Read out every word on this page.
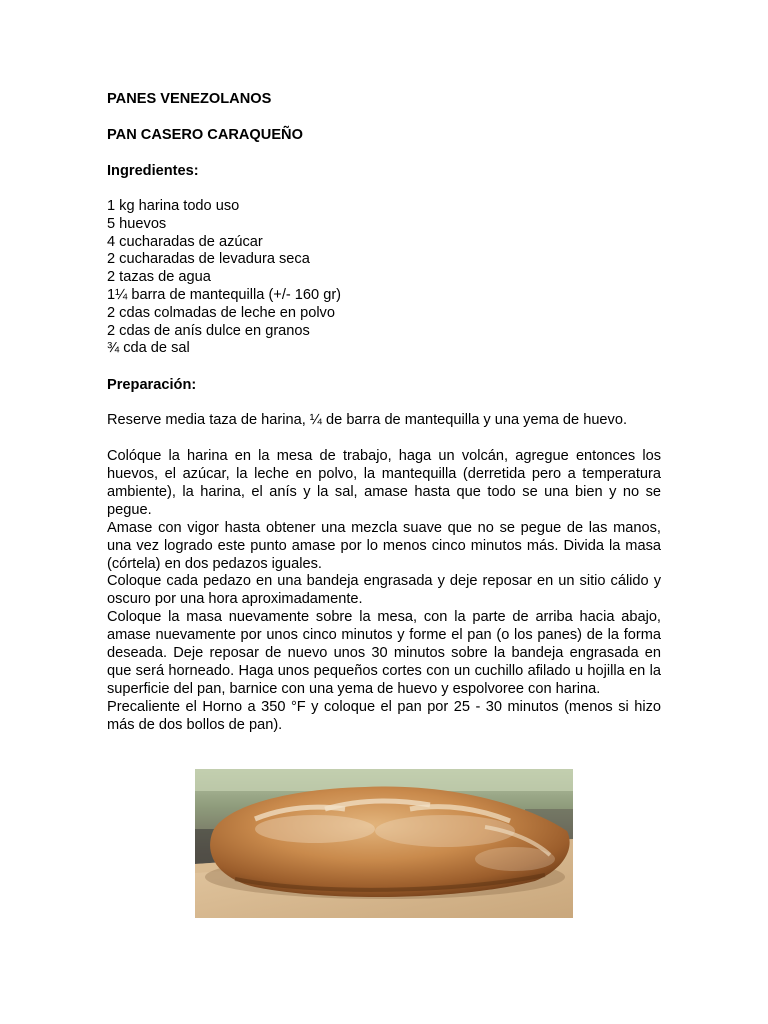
PANES VENEZOLANOS

PAN CASERO CARAQUEÑO

Ingredientes:

1 kg harina todo uso
5 huevos
4 cucharadas de azúcar
2 cucharadas de levadura seca
2 tazas de agua
1¼ barra de mantequilla (+/- 160 gr)
2 cdas colmadas de leche en polvo
2 cdas de anís dulce en granos
¾ cda de sal

Preparación:

Reserve media taza de harina, ¼ de barra de mantequilla y una yema de huevo.

Colóque la harina en la mesa de trabajo, haga un volcán, agregue entonces los huevos, el azúcar, la leche en polvo, la mantequilla (derretida pero a temperatura ambiente), la harina, el anís y la sal, amase hasta que todo se una bien y no se pegue.

Amase con vigor hasta obtener una mezcla suave que no se pegue de las manos, una vez logrado este punto amase por lo menos cinco minutos más. Divida la masa (córtela) en dos pedazos iguales.

Coloque cada pedazo en una bandeja engrasada y deje reposar en un sitio cálido y oscuro por una hora aproximadamente.

Coloque la masa nuevamente sobre la mesa, con la parte de arriba hacia abajo, amase nuevamente por unos cinco minutos y forme el pan (o los panes) de la forma deseada. Deje reposar de nuevo unos 30 minutos sobre la bandeja engrasada en que será horneado. Haga unos pequeños cortes con un cuchillo afilado u hojilla en la superficie del pan, barnice con una yema de huevo y espolvoree con harina.

Precaliente el Horno a 350 °F y coloque el pan por 25 - 30 minutos (menos si hizo más de dos bollos de pan).
